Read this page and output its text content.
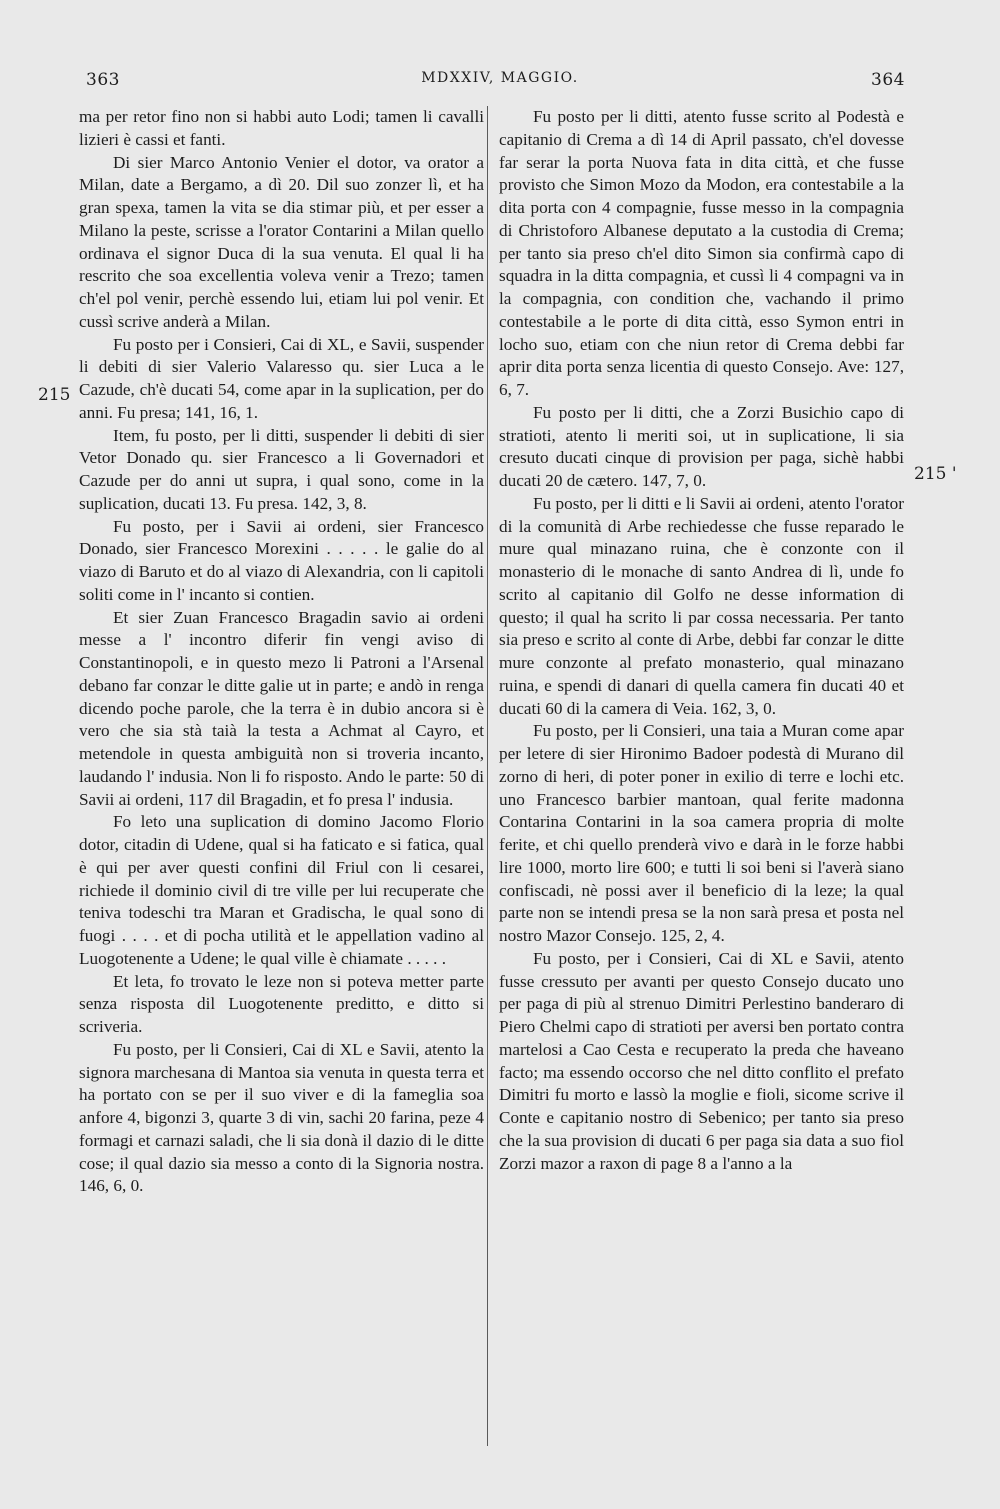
363	MDXXIV, MAGGIO.	364
215
215 '

ma per retor fino non si habbi auto Lodi; tamen li cavalli lizieri è cassi et fanti.

Di sier Marco Antonio Venier el dotor, va orator a Milan, date a Bergamo, a dì 20. Dil suo zonzer lì, et ha gran spexa, tamen la vita se dia stimar più, et per esser a Milano la peste, scrisse a l'orator Contarini a Milan quello ordinava el signor Duca di la sua venuta. El qual li ha rescrito che soa excellentia voleva venir a Trezo; tamen ch'el pol venir, perchè essendo lui, etiam lui pol venir. Et cussì scrive anderà a Milan.

Fu posto per i Consieri, Cai di XL, e Savii, suspender li debiti di sier Valerio Valaresso qu. sier Luca a le Cazude, ch'è ducati 54, come apar in la suplication, per do anni. Fu presa; 141, 16, 1.

Item, fu posto, per li ditti, suspender li debiti di sier Vetor Donado qu. sier Francesco a li Governadori et Cazude per do anni ut supra, i qual sono, come in la suplication, ducati 13. Fu presa. 142, 3, 8.

Fu posto, per i Savii ai ordeni, sier Francesco Donado, sier Francesco Morexini . . . . . le galie do al viazo di Baruto et do al viazo di Alexandria, con li capitoli soliti come in l' incanto si contien.

Et sier Zuan Francesco Bragadin savio ai ordeni messe a l' incontro diferir fin vengi aviso di Constantinopoli, e in questo mezo li Patroni a l'Arsenal debano far conzar le ditte galie ut in parte; e andò in renga dicendo poche parole, che la terra è in dubio ancora si è vero che sia stà taià la testa a Achmat al Cayro, et metendole in questa ambiguità non si troveria incanto, laudando l' indusia. Non li fo risposto. Ando le parte: 50 di Savii ai ordeni, 117 dil Bragadin, et fo presa l' indusia.

Fo leto una suplication di domino Jacomo Florio dotor, citadin di Udene, qual si ha faticato e si fatica, qual è qui per aver questi confini dil Friul con li cesarei, richiede il dominio civil di tre ville per lui recuperate che teniva todeschi tra Maran et Gradischa, le qual sono di fuogi . . . . et di pocha utilità et le appellation vadino al Luogotenente a Udene; le qual ville è chiamate . . . . .

Et leta, fo trovato le leze non si poteva metter parte senza risposta dil Luogotenente preditto, e ditto si scriveria.

Fu posto, per li Consieri, Cai di XL e Savii, atento la signora marchesana di Mantoa sia venuta in questa terra et ha portato con se per il suo viver e di la fameglia soa anfore 4, bigonzi 3, quarte 3 di vin, sachi 20 farina, peze 4 formagi et carnazi saladi, che li sia donà il dazio di le ditte cose; il qual dazio sia messo a conto di la Signoria nostra. 146, 6, 0.

Fu posto per li ditti, atento fusse scrito al Podestà e capitanio di Crema a dì 14 di April passato, ch'el dovesse far serar la porta Nuova fata in dita città, et che fusse provisto che Simon Mozo da Modon, era contestabile a la dita porta con 4 compagnie, fusse messo in la compagnia di Christoforo Albanese deputato a la custodia di Crema; per tanto sia preso ch'el dito Simon sia confirmà capo di squadra in la ditta compagnia, et cussì li 4 compagni va in la compagnia, con condition che, vachando il primo contestabile a le porte di dita città, esso Symon entri in locho suo, etiam con che niun retor di Crema debbi far aprir dita porta senza licentia di questo Consejo. Ave: 127, 6, 7.

Fu posto per li ditti, che a Zorzi Busichio capo di stratioti, atento li meriti soi, ut in suplicatione, li sia cresuto ducati cinque di provision per paga, sichè habbi ducati 20 de cætero. 147, 7, 0.

Fu posto, per li ditti e li Savii ai ordeni, atento l'orator di la comunità di Arbe rechiedesse che fusse reparado le mure qual minazano ruina, che è conzonte con il monasterio di le monache di santo Andrea di lì, unde fo scrito al capitanio dil Golfo ne desse information di questo; il qual ha scrito li par cossa necessaria. Per tanto sia preso e scrito al conte di Arbe, debbi far conzar le ditte mure conzonte al prefato monasterio, qual minazano ruina, e spendi di danari di quella camera fin ducati 40 et ducati 60 di la camera di Veia. 162, 3, 0.

Fu posto, per li Consieri, una taia a Muran come apar per letere di sier Hironimo Badoer podestà di Murano dil zorno di heri, di poter poner in exilio di terre e lochi etc. uno Francesco barbier mantoan, qual ferite madonna Contarina Contarini in la soa camera propria di molte ferite, et chi quello prenderà vivo e darà in le forze habbi lire 1000, morto lire 600; e tutti li soi beni si l'averà siano confiscadi, nè possi aver il beneficio di la leze; la qual parte non se intendi presa se la non sarà presa et posta nel nostro Mazor Consejo. 125, 2, 4.

Fu posto, per i Consieri, Cai di XL e Savii, atento fusse cressuto per avanti per questo Consejo ducato uno per paga di più al strenuo Dimitri Perlestino banderaro di Piero Chelmi capo di stratioti per aversi ben portato contra martelosi a Cao Cesta e recuperato la preda che haveano facto; ma essendo occorso che nel ditto conflito el prefato Dimitri fu morto e lassò la moglie e fioli, sicome scrive il Conte e capitanio nostro di Sebenico; per tanto sia preso che la sua provision di ducati 6 per paga sia data a suo fiol Zorzi mazor a raxon di page 8 a l'anno a la
